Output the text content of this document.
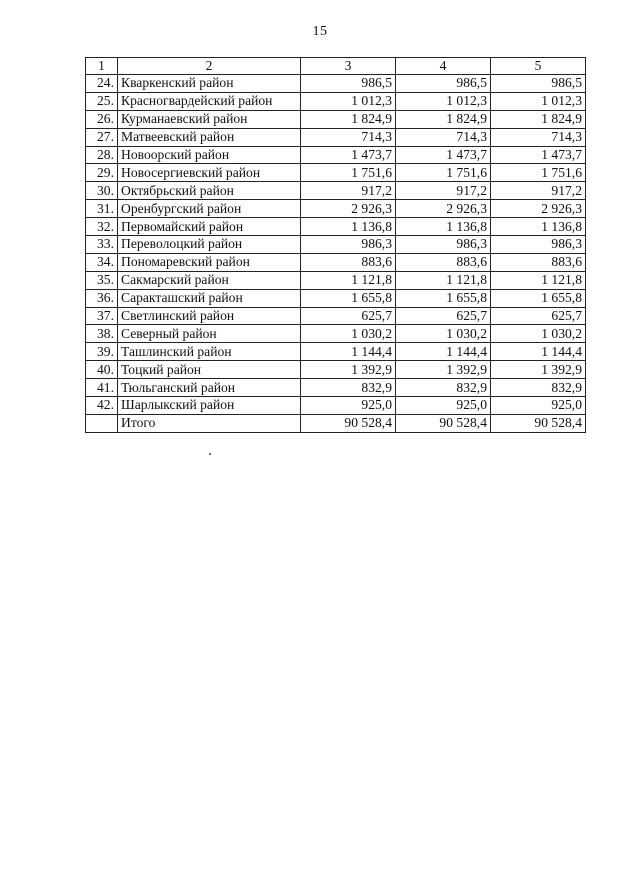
15
1	2	3	4	5
24.	Кваркенский район	986,5	986,5	986,5
25.	Красногвардейский район	1 012,3	1 012,3	1 012,3
26.	Курманаевский район	1 824,9	1 824,9	1 824,9
27.	Матвеевский район	714,3	714,3	714,3
28.	Новоорский район	1 473,7	1 473,7	1 473,7
29.	Новосергиевский район	1 751,6	1 751,6	1 751,6
30.	Октябрьский район	917,2	917,2	917,2
31.	Оренбургский район	2 926,3	2 926,3	2 926,3
32.	Первомайский район	1 136,8	1 136,8	1 136,8
33.	Переволоцкий район	986,3	986,3	986,3
34.	Пономаревский район	883,6	883,6	883,6
35.	Сакмарский район	1 121,8	1 121,8	1 121,8
36.	Саракташский район	1 655,8	1 655,8	1 655,8
37.	Светлинский район	625,7	625,7	625,7
38.	Северный район	1 030,2	1 030,2	1 030,2
39.	Ташлинский район	1 144,4	1 144,4	1 144,4
40.	Тоцкий район	1 392,9	1 392,9	1 392,9
41.	Тюльганский район	832,9	832,9	832,9
42.	Шарлыкский район	925,0	925,0	925,0
	Итого	90 528,4	90 528,4	90 528,4
